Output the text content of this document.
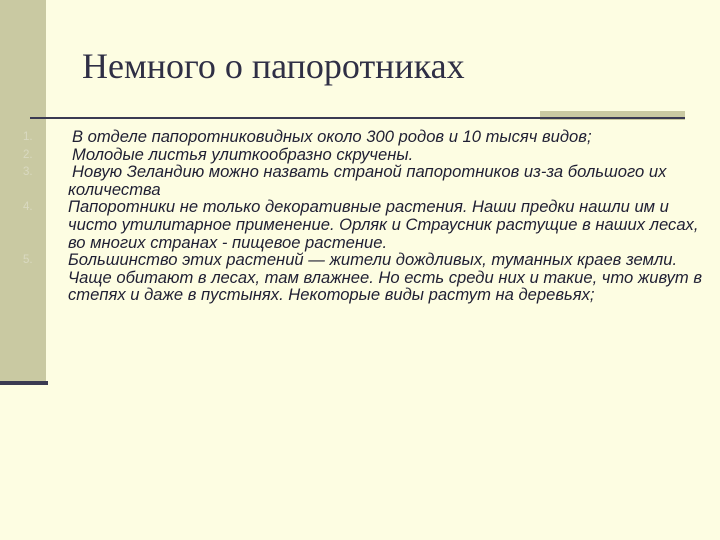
Немного о папоротниках
1. В отделе папоротниковидных около 300 родов и 10 тысяч видов;
2. Молодые листья улиткообразно скручены.
3. Новую Зеландию можно назвать страной папоротников из-за большого их количества
4. Папоротники не только декоративные растения. Наши предки нашли им и чисто утилитарное применение. Орляк и Страусник растущие в наших лесах, во многих странах - пищевое растение.
5. Большинство этих растений — жители дождливых, туманных краев земли. Чаще обитают в лесах, там влажнее. Но есть среди них и такие, что живут в степях и даже в пустынях. Некоторые виды растут на деревьях;
